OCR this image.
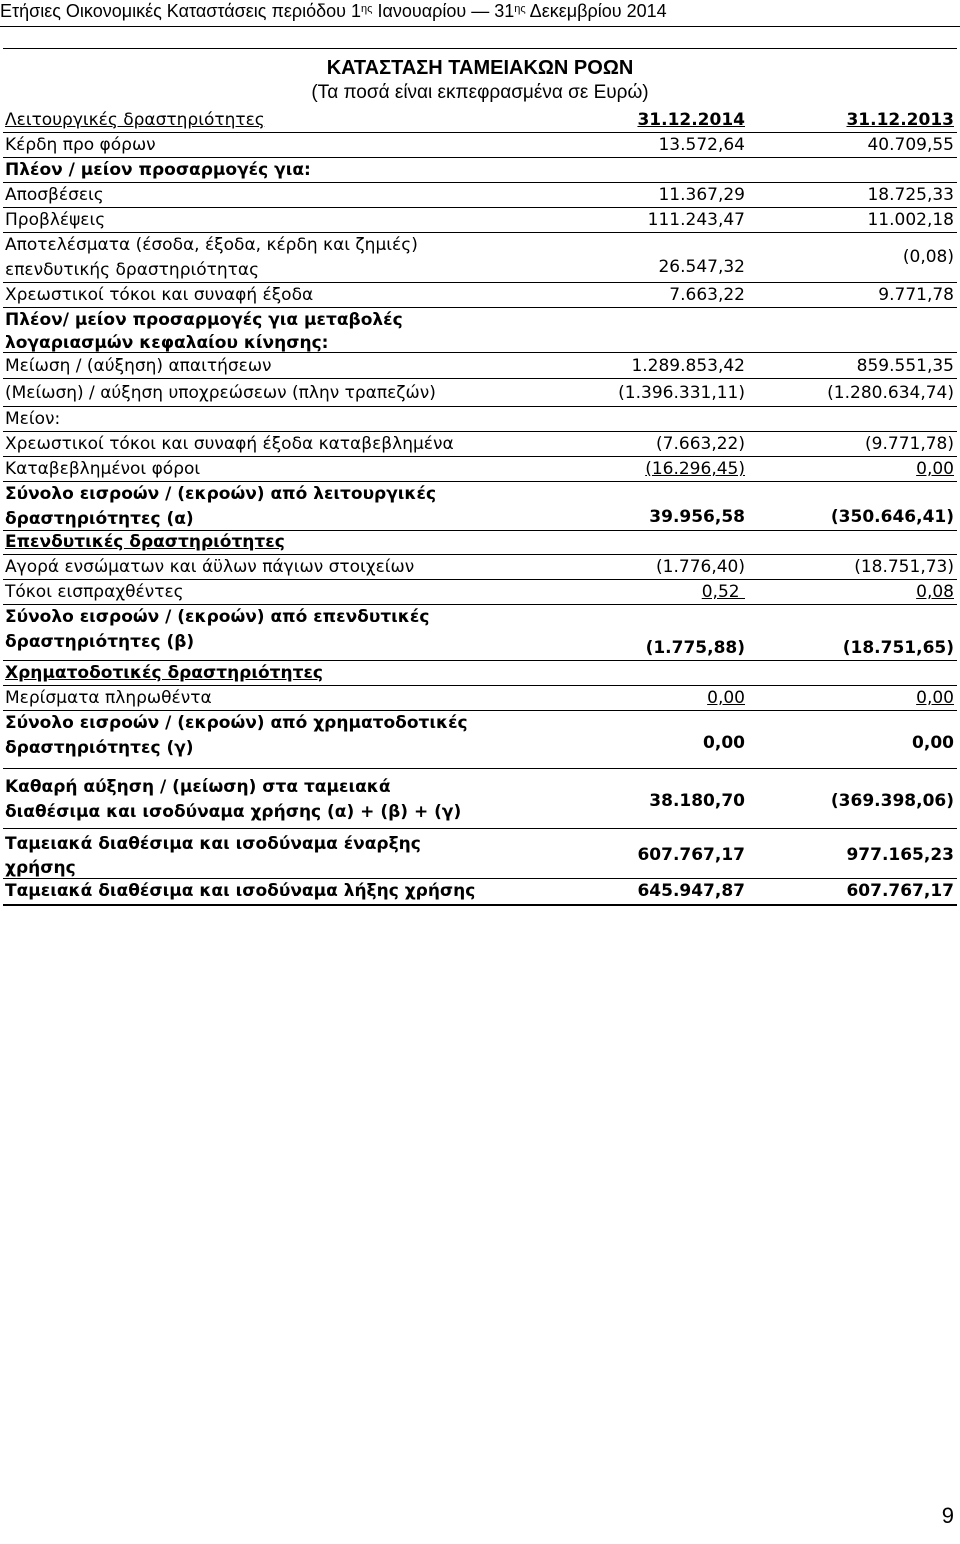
Ετήσιες Οικονομικές Καταστάσεις περιόδου $1^{\eta\varsigma}$ Ιανουαρίου — $31^{\eta\varsigma}$ Δεκεμβρίου 2014
ΚΑΤΑΣΤΑΣΗ ΤΑΜΕΙΑΚΩΝ ΡΟΩΝ
(Τα ποσά είναι εκπεφρασμένα σε Ευρώ)
Λειτουργικές δραστηριότητες	31.12.2014	31.12.2013
Κέρδη προ φόρων	13.572,64	40.709,55
Πλέον / μείον προσαρμογές για:
Αποσβέσεις	11.367,29	18.725,33
Προβλέψεις	111.243,47	11.002,18
Αποτελέσματα (έσοδα, έξοδα, κέρδη και ζημιές)
επενδυτικής δραστηριότητας	26.547,32	(0,08)
Χρεωστικοί τόκοι και συναφή έξοδα	7.663,22	9.771,78
Πλέον/ μείον προσαρμογές για μεταβολές
λογαριασμών κεφαλαίου κίνησης:
Μείωση / (αύξηση) απαιτήσεων	1.289.853,42	859.551,35
(Μείωση) / αύξηση υποχρεώσεων (πλην τραπεζών)	(1.396.331,11)	(1.280.634,74)
Μείον:
Χρεωστικοί τόκοι και συναφή έξοδα καταβεβλημένα	(7.663,22)	(9.771,78)
Καταβεβλημένοι φόροι	(16.296,45)	0,00
Σύνολο εισροών / (εκροών) από λειτουργικές
δραστηριότητες (α)	39.956,58	(350.646,41)
Επενδυτικές δραστηριότητες
Αγορά ενσώματων και άϋλων πάγιων στοιχείων	(1.776,40)	(18.751,73)
Τόκοι εισπραχθέντες	0,52	0,08
Σύνολο εισροών / (εκροών) από επενδυτικές
δραστηριότητες (β)	(1.775,88)	(18.751,65)
Χρηματοδοτικές δραστηριότητες
Μερίσματα πληρωθέντα	0,00	0,00
Σύνολο εισροών / (εκροών) από χρηματοδοτικές
δραστηριότητες (γ)	0,00	0,00
Καθαρή αύξηση / (μείωση) στα ταμειακά
διαθέσιμα και ισοδύναμα χρήσης (α) + (β) + (γ)
38.180,70	(369.398,06)
Ταμειακά διαθέσιμα και ισοδύναμα έναρξης
χρήσης
607.767,17	977.165,23
Ταμειακά διαθέσιμα και ισοδύναμα λήξης χρήσης	645.947,87	607.767,17
9
